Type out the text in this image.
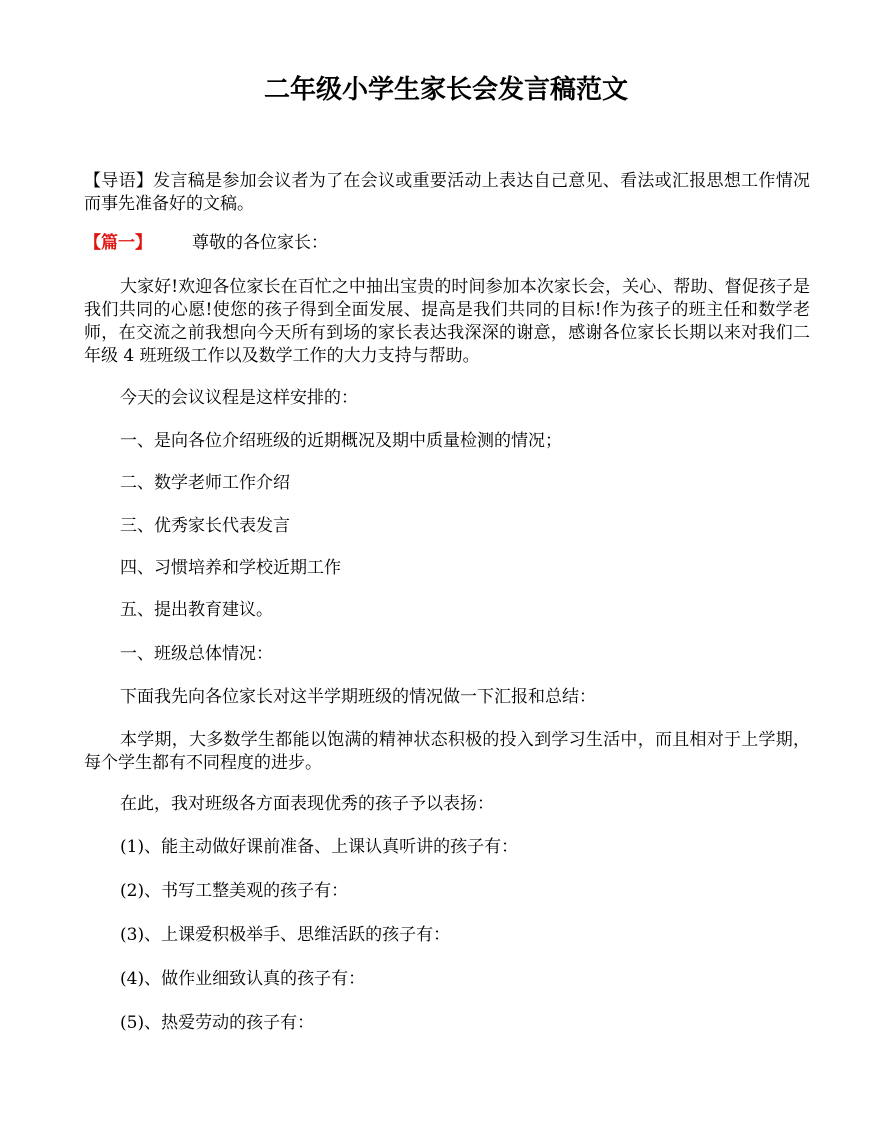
二年级小学生家长会发言稿范文

【导语】发言稿是参加会议者为了在会议或重要活动上表达自己意见、看法或汇报思想工作情况而事先准备好的文稿。

【篇一】 尊敬的各位家长：

大家好!欢迎各位家长在百忙之中抽出宝贵的时间参加本次家长会，关心、帮助、督促孩子是我们共同的心愿!使您的孩子得到全面发展、提高是我们共同的目标!作为孩子的班主任和数学老师，在交流之前我想向今天所有到场的家长表达我深深的谢意，感谢各位家长长期以来对我们二年级 4 班班级工作以及数学工作的大力支持与帮助。

今天的会议议程是这样安排的：

一、是向各位介绍班级的近期概况及期中质量检测的情况；

二、数学老师工作介绍

三、优秀家长代表发言

四、习惯培养和学校近期工作

五、提出教育建议。

一、班级总体情况：

下面我先向各位家长对这半学期班级的情况做一下汇报和总结：

本学期，大多数学生都能以饱满的精神状态积极的投入到学习生活中，而且相对于上学期，每个学生都有不同程度的进步。

在此，我对班级各方面表现优秀的孩子予以表扬：

(1)、能主动做好课前准备、上课认真听讲的孩子有：

(2)、书写工整美观的孩子有：

(3)、上课爱积极举手、思维活跃的孩子有：

(4)、做作业细致认真的孩子有：

(5)、热爱劳动的孩子有：
